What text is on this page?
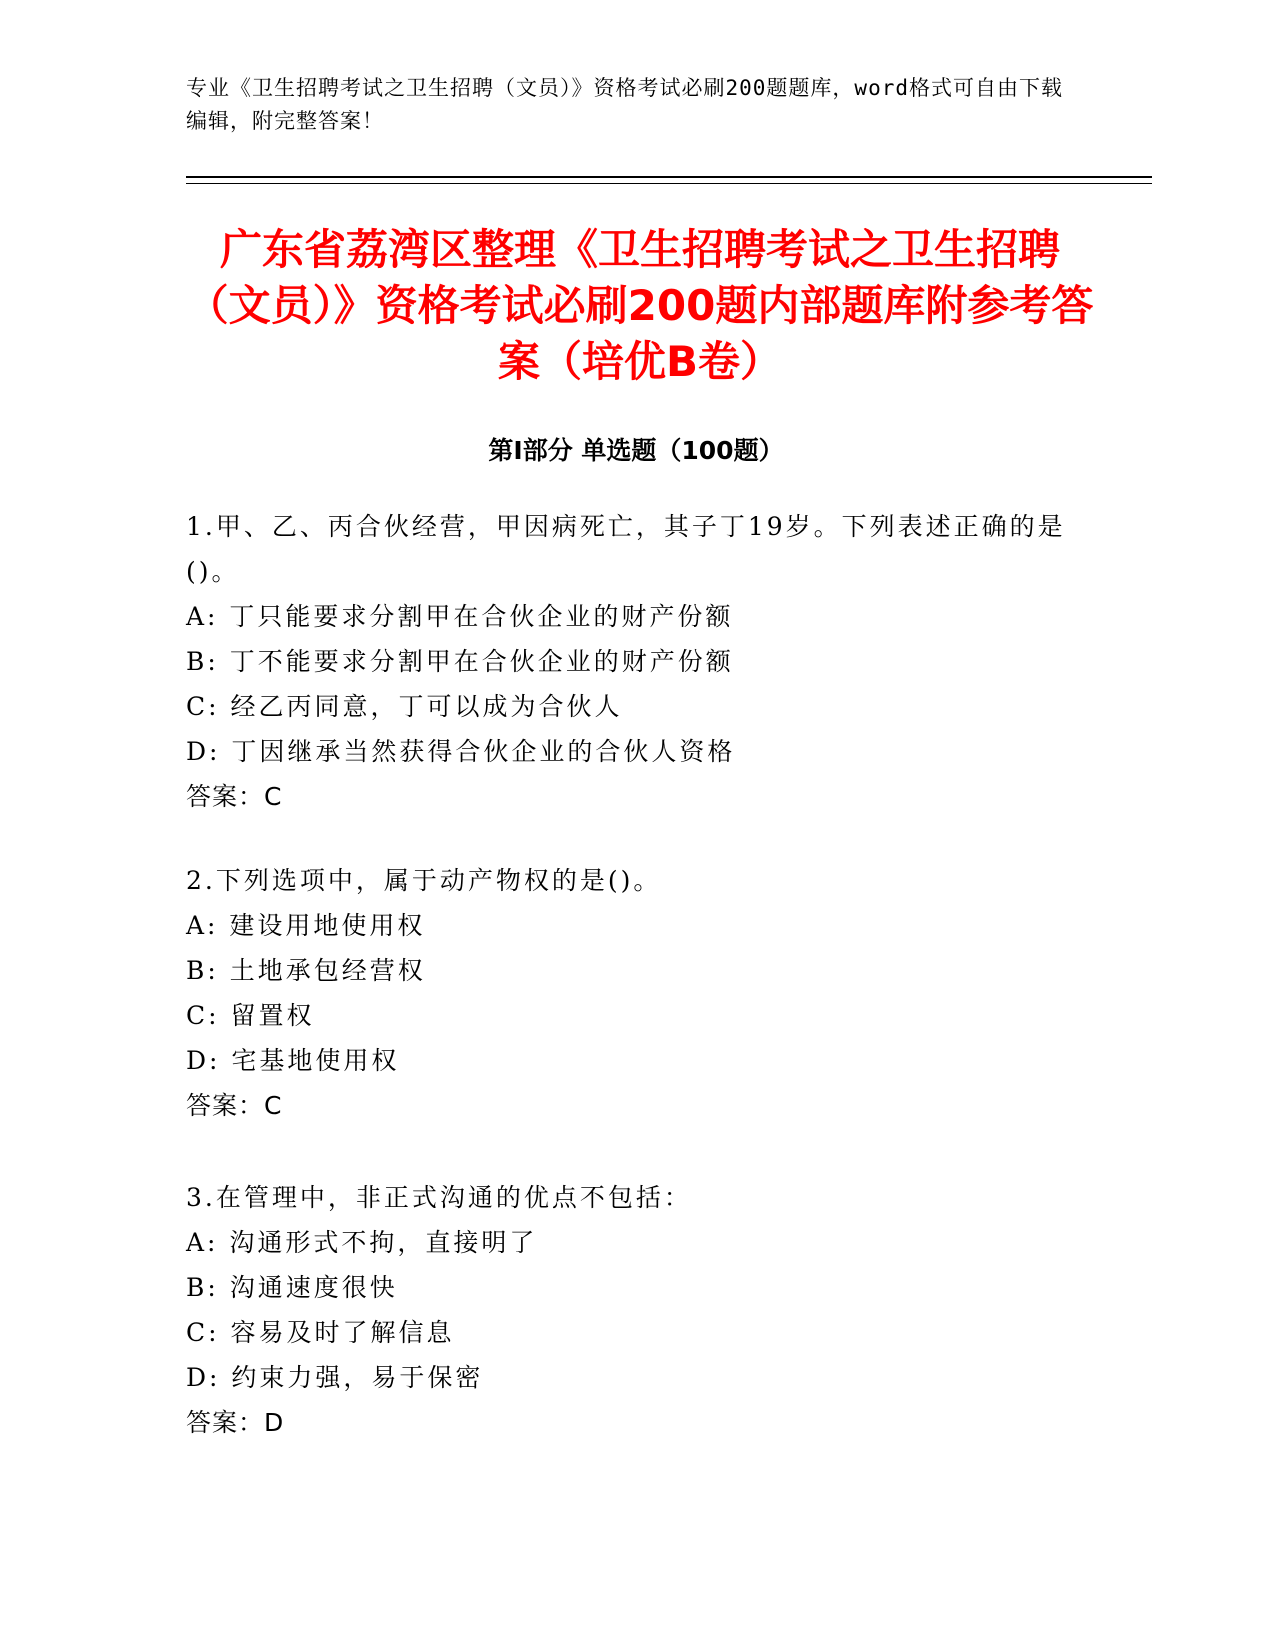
专业《卫生招聘考试之卫生招聘（文员）》资格考试必刷200题题库，word格式可自由下载编辑，附完整答案！
广东省荔湾区整理《卫生招聘考试之卫生招聘（文员）》资格考试必刷200题内部题库附参考答案（培优B卷）
第Ⅰ部分 单选题（100题）

1.甲、乙、丙合伙经营，甲因病死亡，其子丁19岁。下列表述正确的是()。

A: 丁只能要求分割甲在合伙企业的财产份额

B: 丁不能要求分割甲在合伙企业的财产份额

C: 经乙丙同意，丁可以成为合伙人

D: 丁因继承当然获得合伙企业的合伙人资格

答案：C

2.下列选项中，属于动产物权的是()。

A: 建设用地使用权

B: 土地承包经营权

C: 留置权

D: 宅基地使用权

答案：C

3.在管理中，非正式沟通的优点不包括：

A: 沟通形式不拘，直接明了

B: 沟通速度很快

C: 容易及时了解信息

D: 约束力强，易于保密

答案：D
